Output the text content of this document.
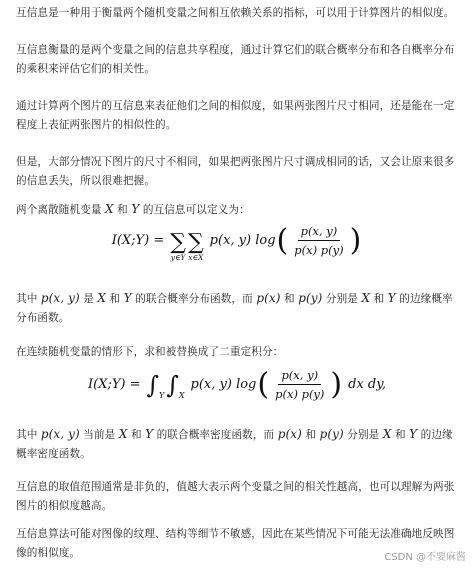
互信息是一种用于衡量两个随机变量之间相互依赖关系的指标，可以用于计算图片的相似度。

互信息衡量的是两个变量之间的信息共享程度，通过计算它们的联合概率分布和各自概率分布的乘积来评估它们的相关性。

通过计算两个图片的互信息来表征他们之间的相似度，如果两张图片尺寸相同，还是能在一定程度上表征两张图片的相似性的。

但是，大部分情况下图片的尺寸不相同，如果把两张图片尺寸调成相同的话，又会让原来很多的信息丢失，所以很难把握。

两个离散随机变量 X 和 Y 的互信息可以定义为：

I(X;Y) = ∑
y∈Y
∑
x∈X
p(x, y) log ( $\frac{p(x, y)}{p(x) p(y)}$ )

其中 p(x, y) 是 X 和 Y 的联合概率分布函数，而 p(x) 和 p(y) 分别是 X 和 Y 的边缘概率分布函数。

在连续随机变量的情形下，求和被替换成了二重定积分：

I(X;Y) = ∫ Y ∫ X
p(x, y) log ( $\frac{p(x, y)}{p(x) p(y)}$ ) dx dy,

其中 p(x, y) 当前是 X 和 Y 的联合概率密度函数，而 p(x) 和 p(y) 分别是 X 和 Y 的边缘概率密度函数。

互信息的取值范围通常是非负的，值越大表示两个变量之间的相关性越高，也可以理解为两张图片的相似度越高。

互信息算法可能对图像的纹理、结构等细节不敏感，因此在某些情况下可能无法准确地反映图像的相似度。	CSDN @不要麻酱
